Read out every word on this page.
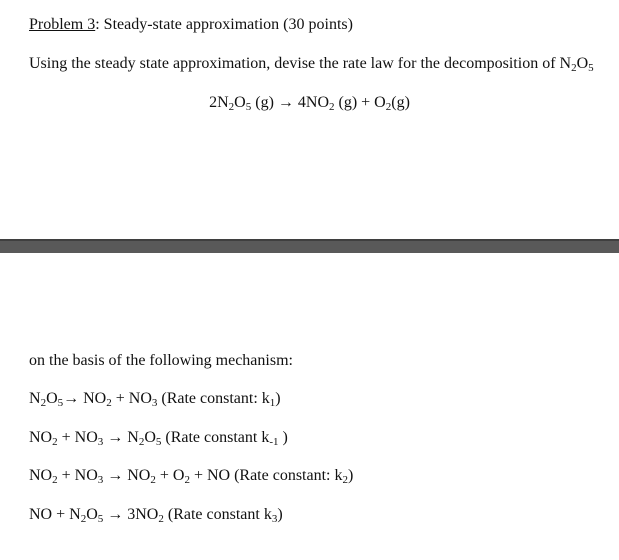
Problem 3: Steady-state approximation (30 points)
Using the steady state approximation, devise the rate law for the decomposition of $N_2O_5$
$2N_2O_5$ $(g) \to 4NO_2$ $(g) + O_2(g)$
on the basis of the following mechanism:
$N_2O_5\to NO_2 + NO_3$ (Rate constant: $k_1$)
$NO_2 + NO_3 \to N_2O_5$ (Rate constant $k_{-1}$ )
$NO_2 + NO_3 \to NO_2 + O_2$ + NO (Rate constant: $k_2$)
NO + $N_2O_5 \to 3NO_2$ (Rate constant $k_3$)
